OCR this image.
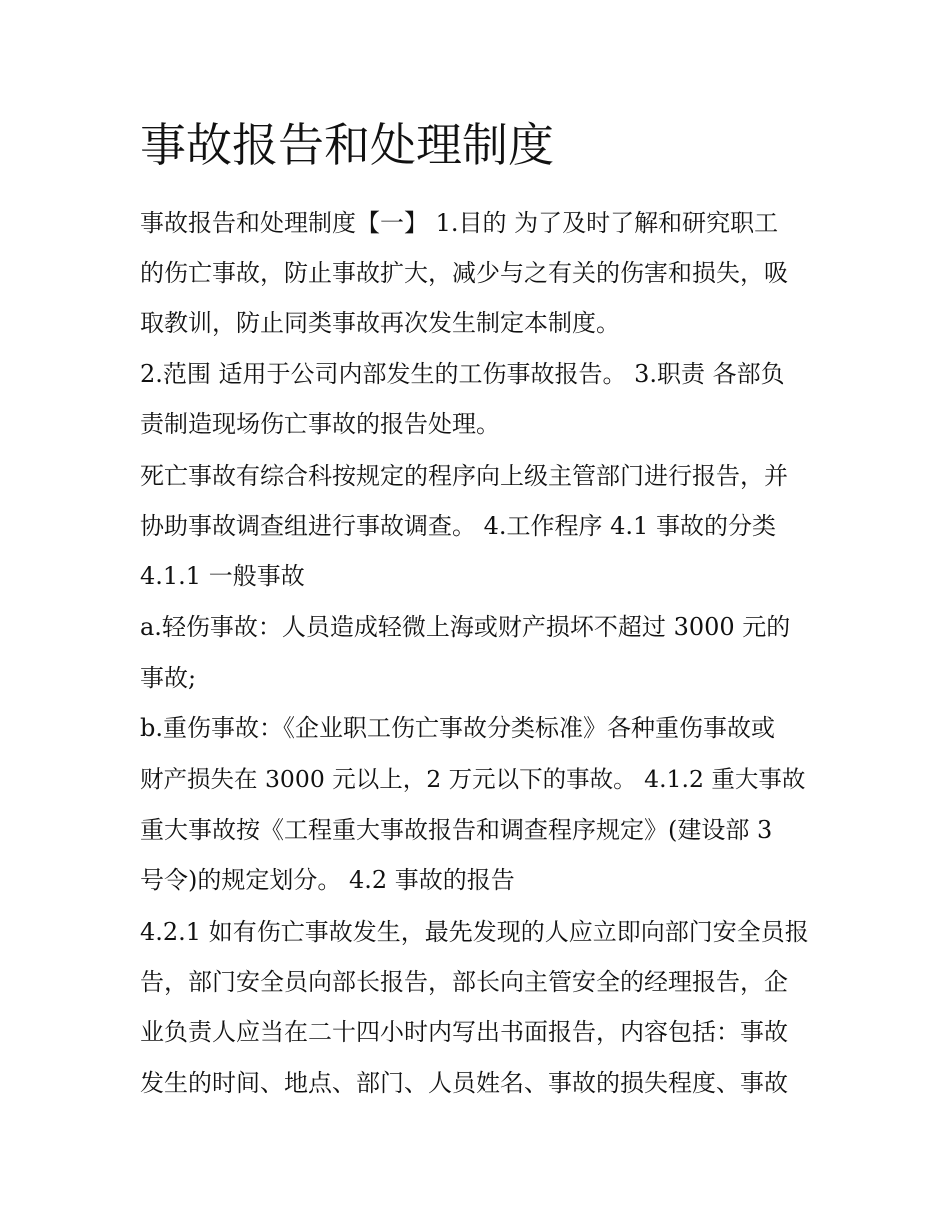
事故报告和处理制度

事故报告和处理制度【一】 1.目的 为了及时了解和研究职工

的伤亡事故，防止事故扩大，减少与之有关的伤害和损失，吸

取教训，防止同类事故再次发生制定本制度。

2.范围 适用于公司内部发生的工伤事故报告。 3.职责 各部负

责制造现场伤亡事故的报告处理。

死亡事故有综合科按规定的程序向上级主管部门进行报告，并

协助事故调查组进行事故调查。 4.工作程序 4.1 事故的分类

4.1.1 一般事故

a.轻伤事故：人员造成轻微上海或财产损坏不超过 3000 元的

事故;

b.重伤事故：《企业职工伤亡事故分类标准》各种重伤事故或

财产损失在 3000 元以上，2 万元以下的事故。 4.1.2 重大事故

重大事故按《工程重大事故报告和调查程序规定》(建设部 3

号令)的规定划分。 4.2 事故的报告

4.2.1 如有伤亡事故发生，最先发现的人应立即向部门安全员报

告，部门安全员向部长报告，部长向主管安全的经理报告，企

业负责人应当在二十四小时内写出书面报告，内容包括：事故

发生的时间、地点、部门、人员姓名、事故的损失程度、事故
